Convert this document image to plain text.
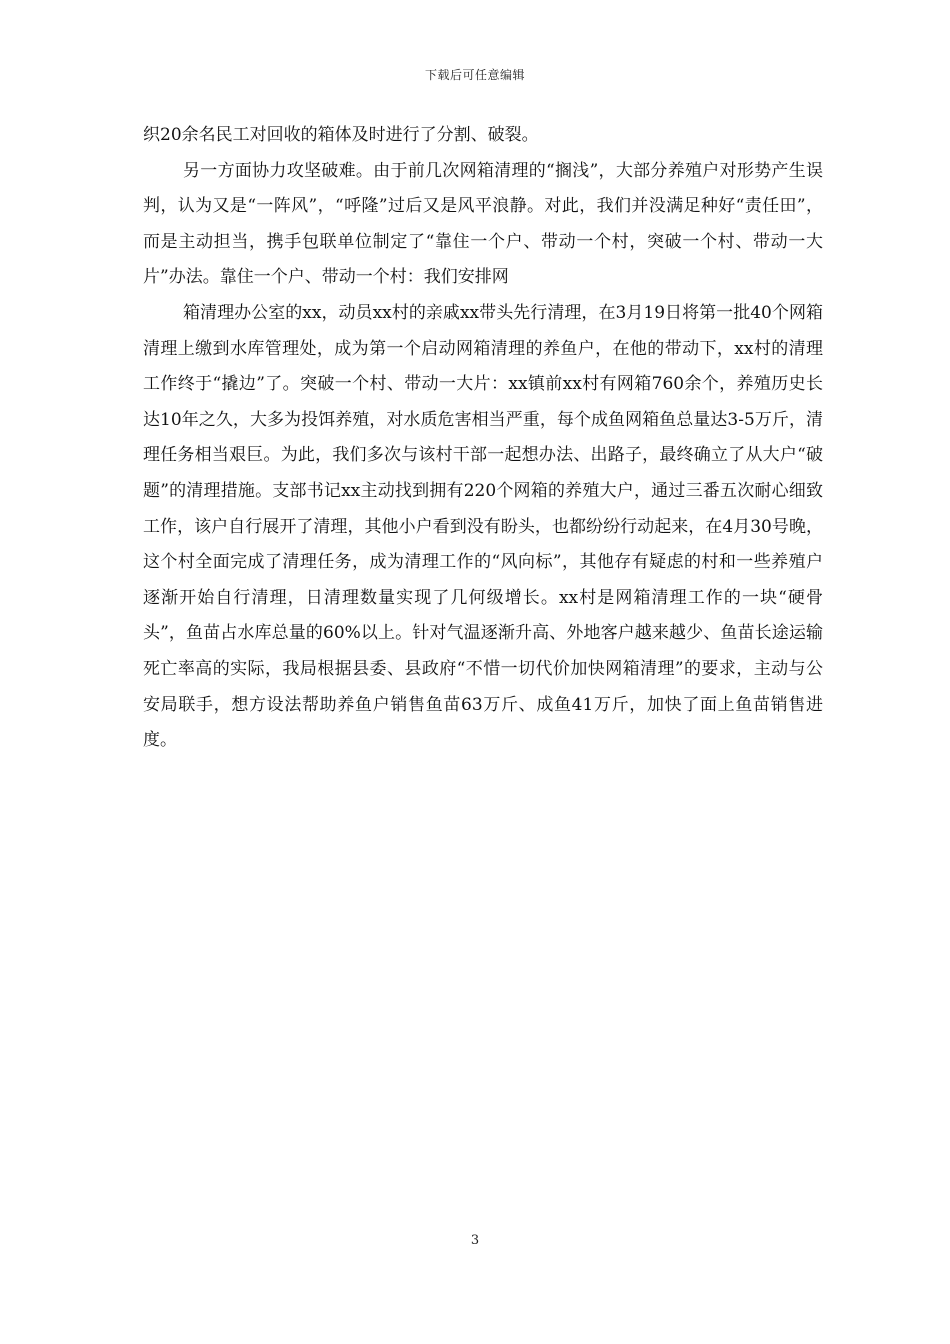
下载后可任意编辑

织20余名民工对回收的箱体及时进行了分割、破裂。

另一方面协力攻坚破难。由于前几次网箱清理的“搁浅”，大部分养殖户对形势产生误判，认为又是“一阵风”，“呼隆”过后又是风平浪静。对此，我们并没满足种好“责任田”，而是主动担当，携手包联单位制定了“靠住一个户、带动一个村，突破一个村、带动一大片”办法。靠住一个户、带动一个村：我们安排网

箱清理办公室的xx，动员xx村的亲戚xx带头先行清理，在3月19日将第一批40个网箱清理上缴到水库管理处，成为第一个启动网箱清理的养鱼户，在他的带动下，xx村的清理工作终于“撬边”了。突破一个村、带动一大片：xx镇前xx村有网箱760余个，养殖历史长达10年之久，大多为投饵养殖，对水质危害相当严重，每个成鱼网箱鱼总量达3-5万斤，清理任务相当艰巨。为此，我们多次与该村干部一起想办法、出路子，最终确立了从大户“破题”的清理措施。支部书记xx主动找到拥有220个网箱的养殖大户，通过三番五次耐心细致工作，该户自行展开了清理，其他小户看到没有盼头，也都纷纷行动起来，在4月30号晚，这个村全面完成了清理任务，成为清理工作的“风向标”，其他存有疑虑的村和一些养殖户逐渐开始自行清理，日清理数量实现了几何级增长。xx村是网箱清理工作的一块“硬骨头”，鱼苗占水库总量的60%以上。针对气温逐渐升高、外地客户越来越少、鱼苗长途运输死亡率高的实际，我局根据县委、县政府“不惜一切代价加快网箱清理”的要求，主动与公安局联手，想方设法帮助养鱼户销售鱼苗63万斤、成鱼41万斤，加快了面上鱼苗销售进度。

3
